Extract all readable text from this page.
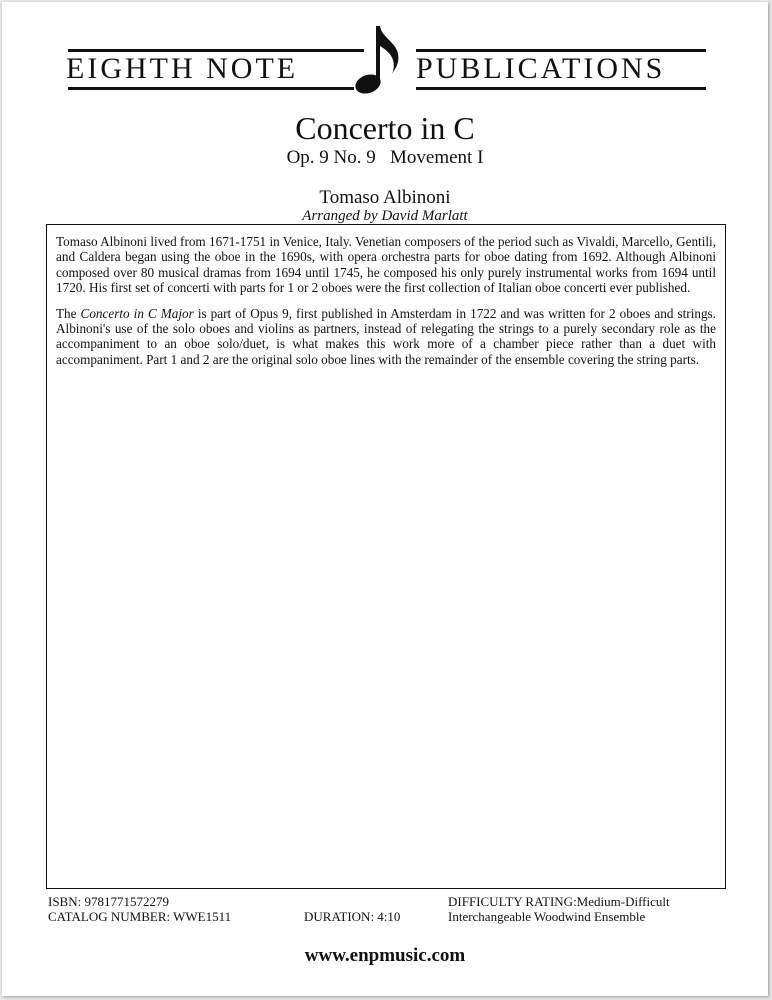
EIGHTH NOTE	PUBLICATIONS
Concerto in C
Op. 9 No. 9   Movement I
Tomaso Albinoni
Arranged by David Marlatt

Tomaso Albinoni lived from 1671-1751 in Venice, Italy. Venetian composers of the period such as Vivaldi, Marcello, Gentili, and Caldera began using the oboe in the 1690s, with opera orchestra parts for oboe dating from 1692. Although Albinoni composed over 80 musical dramas from 1694 until 1745, he composed his only purely instrumental works from 1694 until 1720. His first set of concerti with parts for 1 or 2 oboes were the first collection of Italian oboe concerti ever published.

The Concerto in C Major is part of Opus 9, first published in Amsterdam in 1722 and was written for 2 oboes and strings. Albinoni's use of the solo oboes and violins as partners, instead of relegating the strings to a purely secondary role as the accompaniment to an oboe solo/duet, is what makes this work more of a chamber piece rather than a duet with accompaniment. Part 1 and 2 are the original solo oboe lines with the remainder of the ensemble covering the string parts.

ISBN: 9781771572279
CATALOG NUMBER: WWE1511	DURATION: 4:10
DIFFICULTY RATING:Medium-Difficult
Interchangeable Woodwind Ensemble
www.enpmusic.com
